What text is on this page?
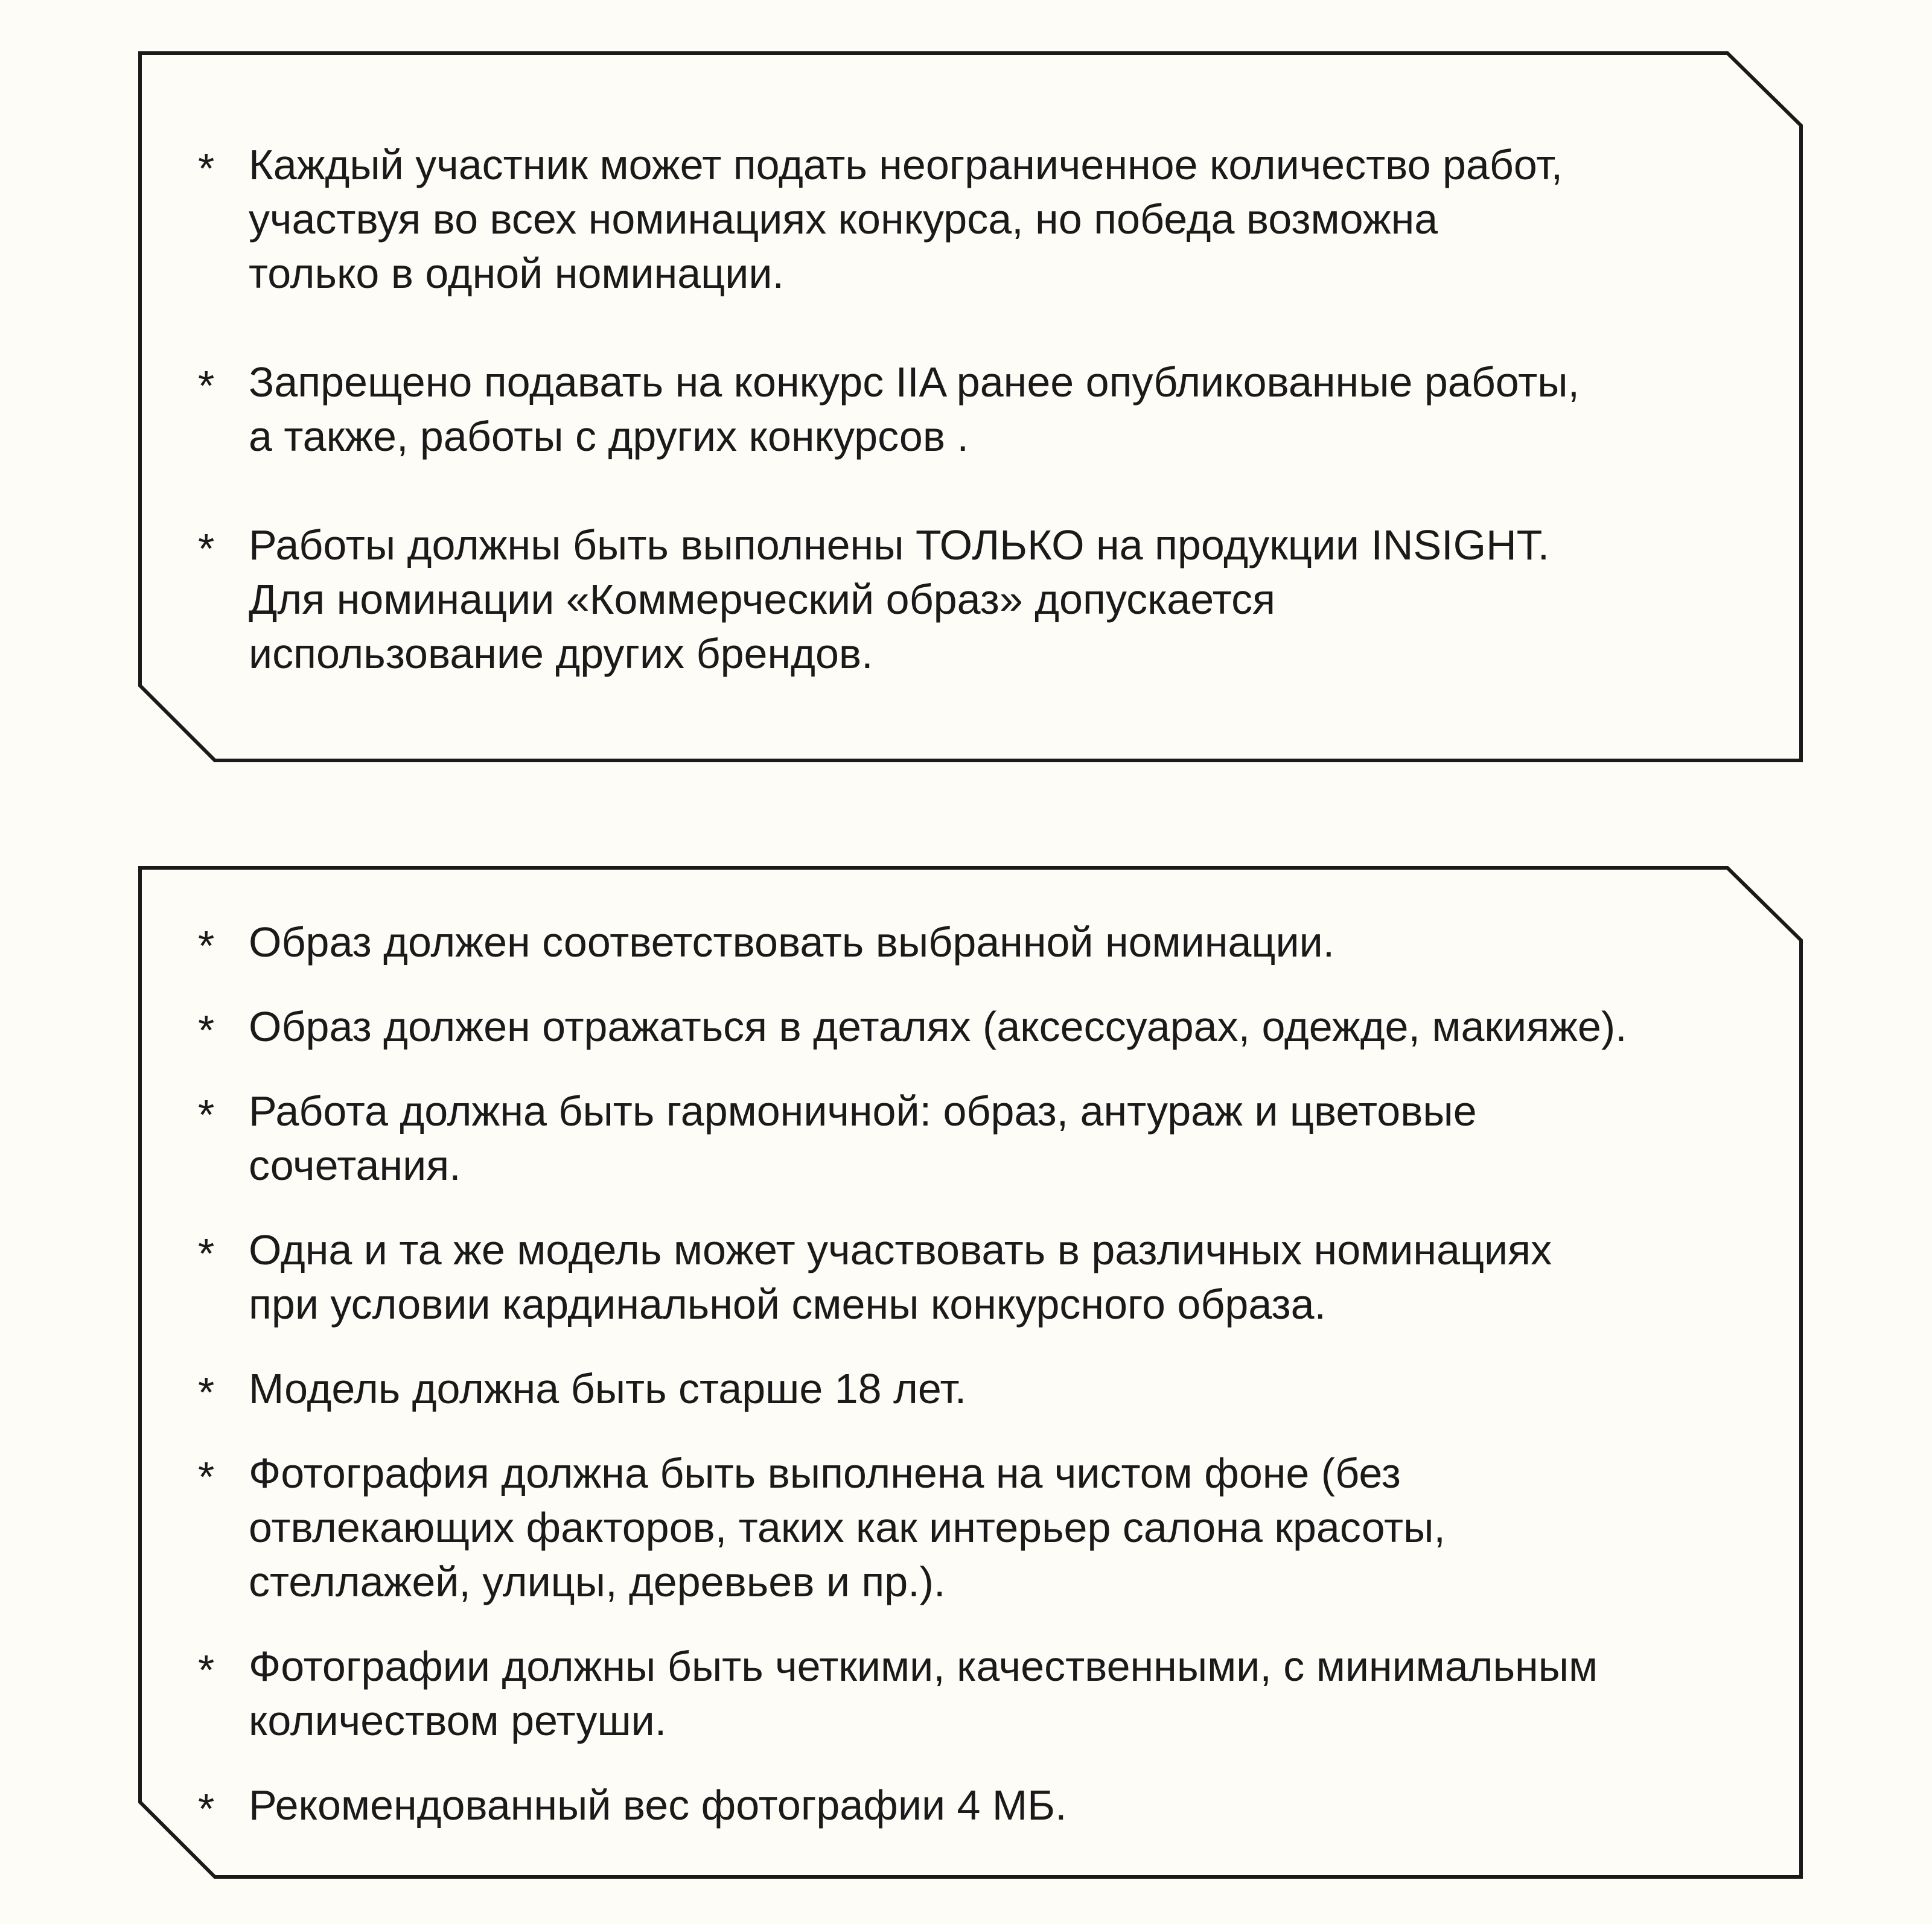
* Каждый участник может подать неограниченное количество работ,
участвуя во всех номинациях конкурса, но победа возможна
только в одной номинации.
* Запрещено подавать на конкурс IIA ранее опубликованные работы,
а также, работы с других конкурсов .
* Работы должны быть выполнены ТОЛЬКО на продукции INSIGHT.
Для номинации «Коммерческий образ» допускается
использование других брендов.
* Образ должен соответствовать выбранной номинации.
* Образ должен отражаться в деталях (аксессуарах, одежде, макияже).
* Работа должна быть гармоничной: образ, антураж и цветовые
сочетания.
* Одна и та же модель может участвовать в различных номинациях
при условии кардинальной смены конкурсного образа.
* Модель должна быть старше 18 лет.
* Фотография должна быть выполнена на чистом фоне (без
отвлекающих факторов, таких как интерьер салона красоты,
стеллажей, улицы, деревьев и пр.).
* Фотографии должны быть четкими, качественными, с минимальным
количеством ретуши.
* Рекомендованный вес фотографии 4 МБ.
